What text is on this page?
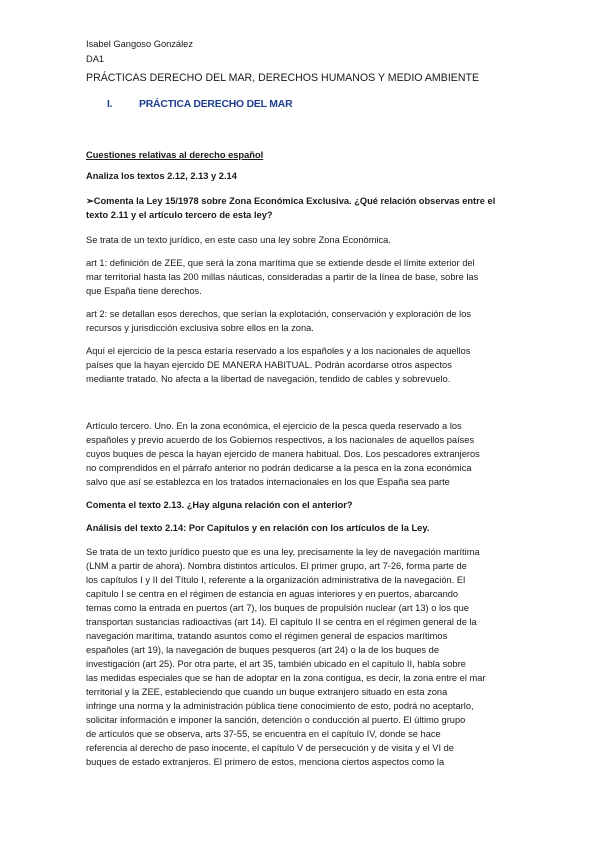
Isabel Gangoso González
DA1
PRÁCTICAS DERECHO DEL MAR, DERECHOS HUMANOS Y MEDIO AMBIENTE
I.	PRÁCTICA DERECHO DEL MAR
Cuestiones relativas al derecho español
Analiza los textos 2.12, 2.13 y 2.14
➢Comenta la Ley 15/1978 sobre Zona Económica Exclusiva. ¿Qué relación observas entre el
texto 2.11 y el artículo tercero de esta ley?
Se trata de un texto jurídico, en este caso una ley sobre Zona Económica.
art 1: definición de ZEE, que será la zona marítima que se extiende desde el límite exterior del
mar territorial hasta las 200 millas náuticas, consideradas a partir de la línea de base, sobre las
que España tiene derechos.
art 2: se detallan esos derechos, que serían la explotación, conservación y exploración de los
recursos y jurisdicción exclusiva sobre ellos en la zona.
Aquí el ejercicio de la pesca estaría reservado a los españoles y a los nacionales de aquellos
países que la hayan ejercido DE MANERA HABITUAL. Podrán acordarse otros aspectos
mediante tratado. No afecta a la libertad de navegación, tendido de cables y sobrevuelo.
Artículo tercero. Uno. En la zona económica, el ejercicio de la pesca queda reservado a los
españoles y previo acuerdo de los Gobiernos respectivos, a los nacionales de aquellos países
cuyos buques de pesca la hayan ejercido de manera habitual. Dos. Los pescadores extranjeros
no comprendidos en el párrafo anterior no podrán dedicarse a la pesca en la zona económica
salvo que así se establezca en los tratados internacionales en los que España sea parte
Comenta el texto 2.13. ¿Hay alguna relación con el anterior?
Análisis del texto 2.14: Por Capítulos y en relación con los artículos de la Ley.
Se trata de un texto jurídico puesto que es una ley, precisamente la ley de navegación marítima
(LNM a partir de ahora). Nombra distintos artículos. El primer grupo, art 7-26, forma parte de
los capítulos I y II del Título I, referente a la organización administrativa de la navegación. El
capítulo I se centra en el régimen de estancia en aguas interiores y en puertos, abarcando
temas como la entrada en puertos (art 7), los buques de propulsión nuclear (art 13) o los que
transportan sustancias radioactivas (art 14). El capítulo II se centra en el régimen general de la
navegación marítima, tratando asuntos como el régimen general de espacios marítimos
españoles (art 19), la navegación de buques pesqueros (art 24) o la de los buques de
investigación (art 25). Por otra parte, el art 35, también ubicado en el capítulo II, habla sobre
las medidas especiales que se han de adoptar en la zona contigua, es decir, la zona entre el mar
territorial y la ZEE, estableciendo que cuando un buque extranjero situado en esta zona
infringe una norma y la administración pública tiene conocimiento de esto, podrá no aceptarlo,
solicitar información e imponer la sanción, detención o conducción al puerto. El último grupo
de artículos que se observa, arts 37-55, se encuentra en el capítulo IV, donde se hace
referencia al derecho de paso inocente, el capítulo V de persecución y de visita y el VI de
buques de estado extranjeros. El primero de estos, menciona ciertos aspectos como la
